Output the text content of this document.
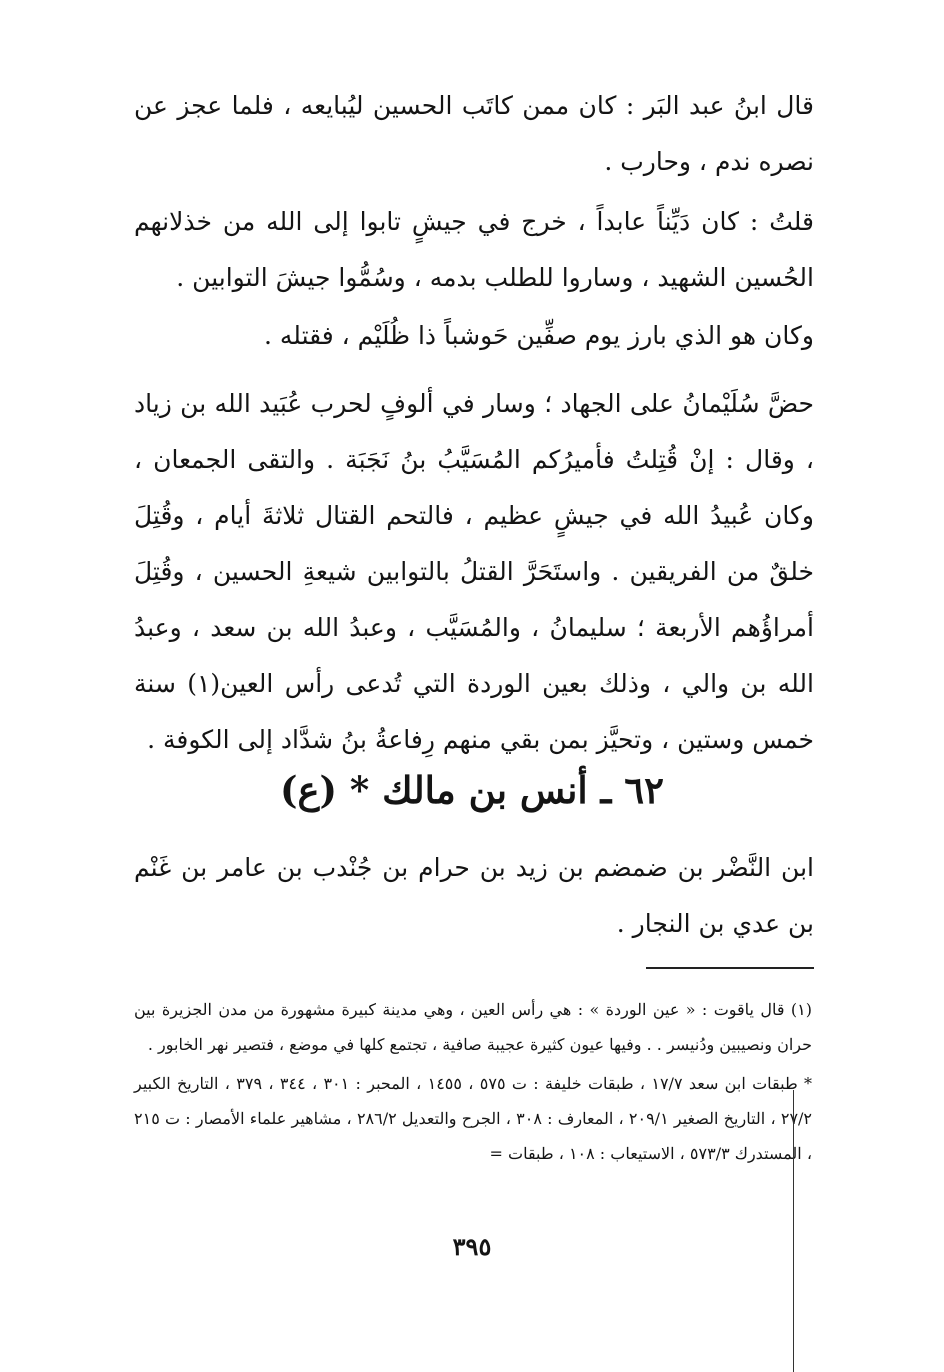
قال ابنُ عبد البَر : كان ممن كاتَب الحسين ليُبايعه ، فلما عجز عن نصره ندم ، وحارب .

قلتُ : كان دَيِّناً عابداً ، خرج في جيشٍ تابوا إلى الله من خذلانهم الحُسين الشهيد ، وساروا للطلب بدمه ، وسُمُّوا جيشَ التوابين .

وكان هو الذي بارز يوم صفِّين حَوشباً ذا ظُلَيْم ، فقتله .

حضَّ سُلَيْمانُ على الجهاد ؛ وسار في ألوفٍ لحرب عُبَيد الله بن زياد ، وقال : إنْ قُتِلتُ فأميرُكم المُسَيَّبُ بنُ نَجَبَة . والتقى الجمعان ، وكان عُبيدُ الله في جيشٍ عظيم ، فالتحم القتال ثلاثةَ أيام ، وقُتِلَ خلقٌ من الفريقين . واستَحَرَّ القتلُ بالتوابين شيعةِ الحسين ، وقُتِلَ أمراؤُهم الأربعة ؛ سليمانُ ، والمُسَيَّب ، وعبدُ الله بن سعد ، وعبدُ الله بن والي ، وذلك بعين الوردة التي تُدعى رأس العين(١) سنة خمس وستين ، وتحيَّز بمن بقي منهم رِفاعةُ بنُ شدَّاد إلى الكوفة .

٦٢ ـ أنس بن مالك * (ع)

ابن النَّضْر بن ضمضم بن زيد بن حرام بن جُنْدب بن عامر بن غَنْم بن عدي بن النجار .

(١) قال ياقوت : « عين الوردة » : هي رأس العين ، وهي مدينة كبيرة مشهورة من مدن الجزيرة بين حران ونصيبين ودُنيسر . . وفيها عيون كثيرة عجيبة صافية ، تجتمع كلها في موضع ، فتصير نهر الخابور .

* طبقات ابن سعد ١٧/٧ ، طبقات خليفة : ت ٥٧٥ ، ١٤٥٥ ، المحبر : ٣٠١ ، ٣٤٤ ، ٣٧٩ ، التاريخ الكبير ٢٧/٢ ، التاريخ الصغير ٢٠٩/١ ، المعارف : ٣٠٨ ، الجرح والتعديل ٢٨٦/٢ ، مشاهير علماء الأمصار : ت ٢١٥ ، المستدرك ٥٧٣/٣ ، الاستيعاب : ١٠٨ ، طبقات =

٣٩٥
